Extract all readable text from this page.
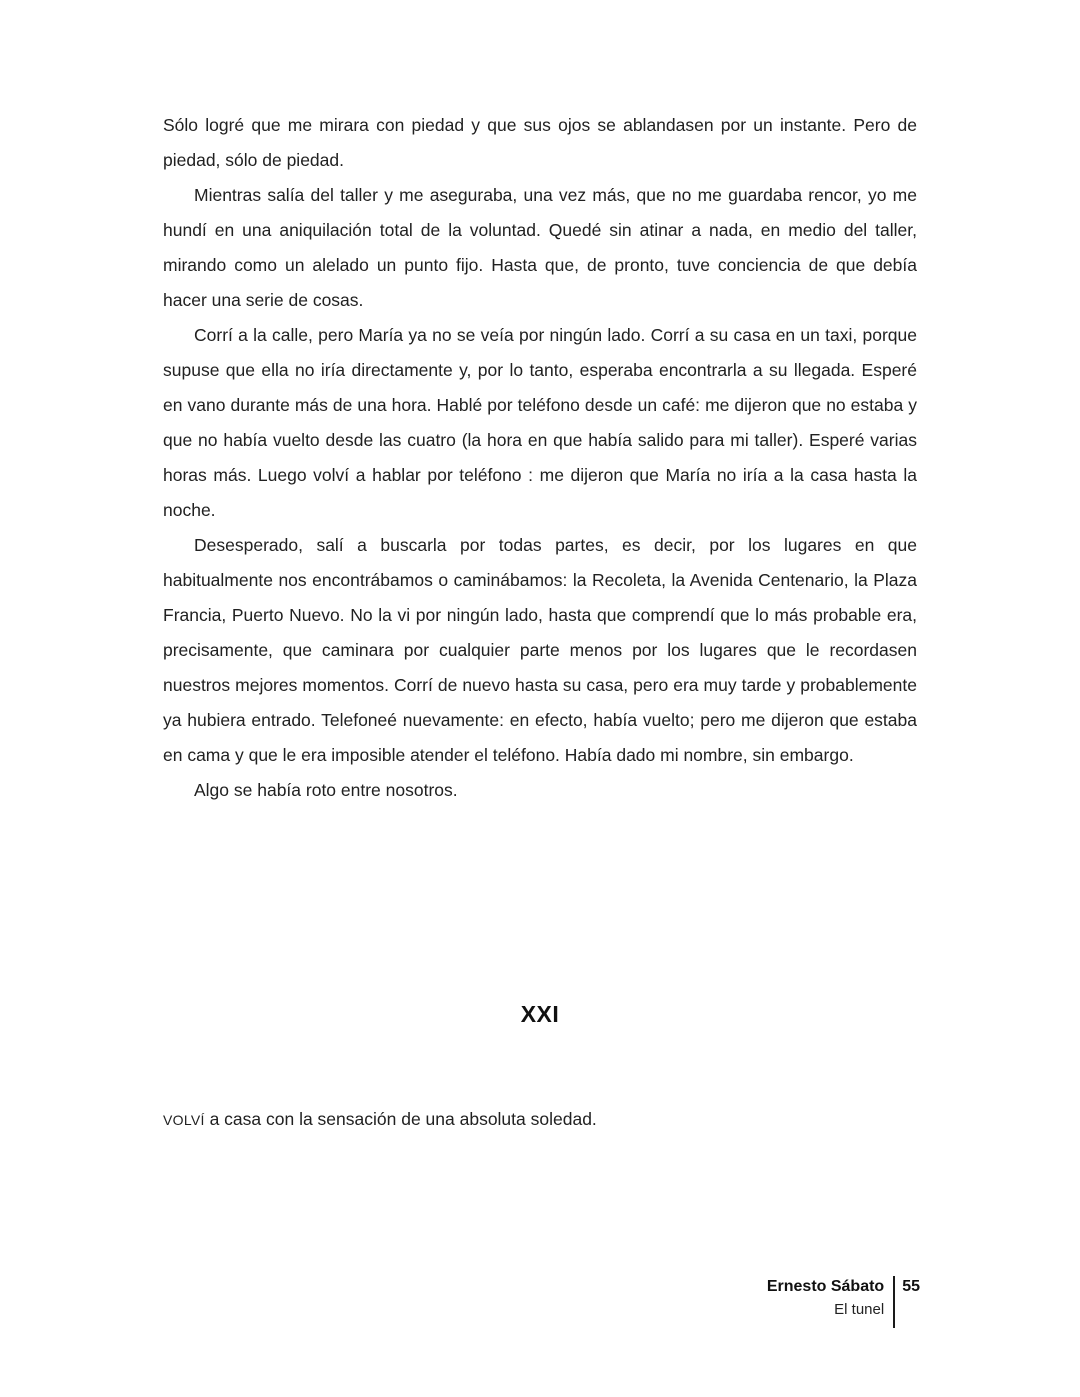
Sólo logré que me mirara con piedad y que sus ojos se ablandasen por un instante. Pero de piedad, sólo de piedad.

Mientras salía del taller y me aseguraba, una vez más, que no me guardaba rencor, yo me hundí en una aniquilación total de la voluntad. Quedé sin atinar a nada, en medio del taller, mirando como un alelado un punto fijo. Hasta que, de pronto, tuve conciencia de que debía hacer una serie de cosas.

Corrí a la calle, pero María ya no se veía por ningún lado. Corrí a su casa en un taxi, porque supuse que ella no iría directamente y, por lo tanto, esperaba encontrarla a su llegada. Esperé en vano durante más de una hora. Hablé por teléfono desde un café: me dijeron que no estaba y que no había vuelto desde las cuatro (la hora en que había salido para mi taller). Esperé varias horas más. Luego volví a hablar por teléfono : me dijeron que María no iría a la casa hasta la noche.

Desesperado, salí a buscarla por todas partes, es decir, por los lugares en que habitualmente nos encontrábamos o caminábamos: la Recoleta, la Avenida Centenario, la Plaza Francia, Puerto Nuevo. No la vi por ningún lado, hasta que comprendí que lo más probable era, precisamente, que caminara por cualquier parte menos por los lugares que le recordasen nuestros mejores momentos. Corrí de nuevo hasta su casa, pero era muy tarde y probablemente ya hubiera entrado. Telefoneé nuevamente: en efecto, había vuelto; pero me dijeron que estaba en cama y que le era imposible atender el teléfono. Había dado mi nombre, sin embargo.

Algo se había roto entre nosotros.

XXI

VOLVÍ a casa con la sensación de una absoluta soledad.

Ernesto Sábato
El tunel
55
